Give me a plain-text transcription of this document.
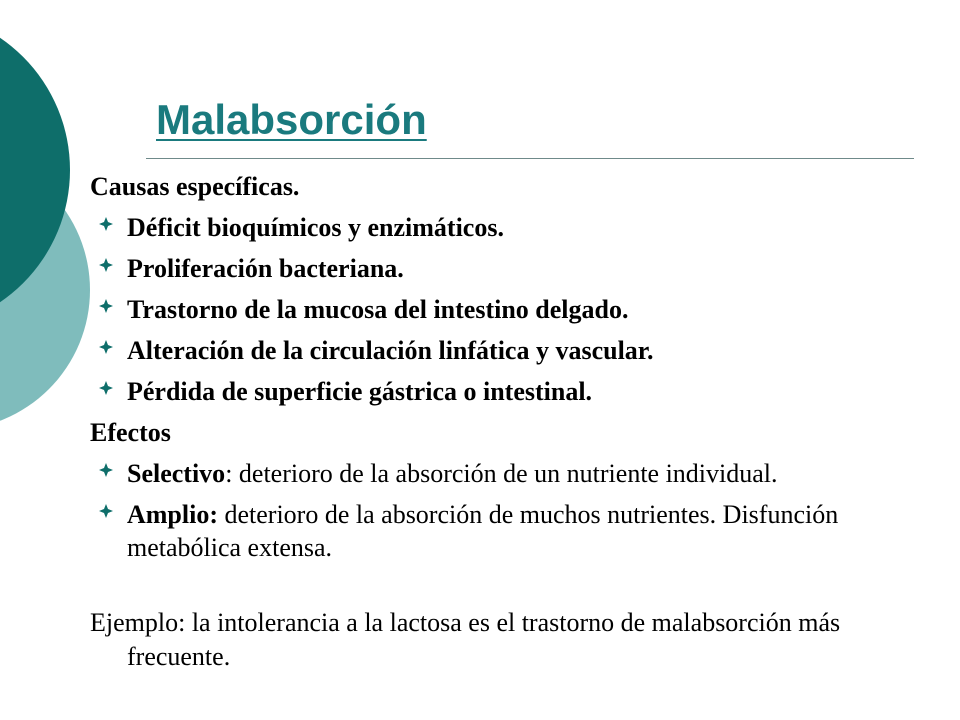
Malabsorción
Causas específicas.
Déficit bioquímicos y enzimáticos.
Proliferación bacteriana.
Trastorno de la mucosa del intestino delgado.
Alteración de la circulación linfática y vascular.
Pérdida de superficie gástrica o intestinal.
Efectos
Selectivo: deterioro de la absorción de un nutriente individual.
Amplio: deterioro de la absorción de muchos nutrientes. Disfunción metabólica extensa.
Ejemplo: la intolerancia a la lactosa es el trastorno de malabsorción más frecuente.
